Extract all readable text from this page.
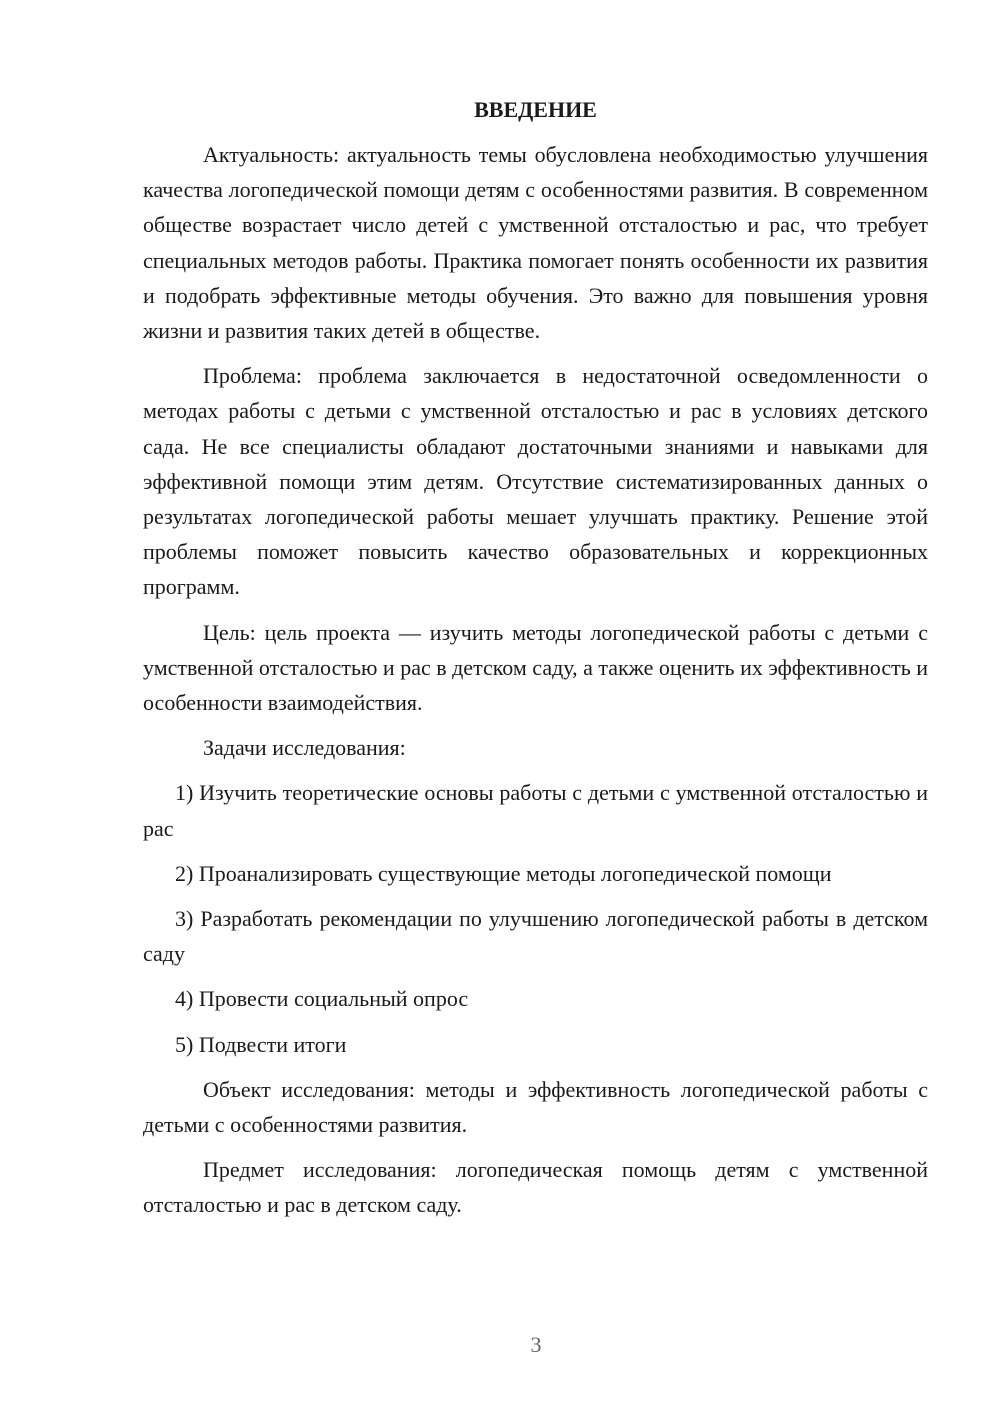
ВВЕДЕНИЕ

Актуальность: актуальность темы обусловлена необходимостью улучшения качества логопедической помощи детям с особенностями развития. В современном обществе возрастает число детей с умственной отсталостью и рас, что требует специальных методов работы. Практика помогает понять особенности их развития и подобрать эффективные методы обучения. Это важно для повышения уровня жизни и развития таких детей в обществе.

Проблема: проблема заключается в недостаточной осведомленности о методах работы с детьми с умственной отсталостью и рас в условиях детского сада. Не все специалисты обладают достаточными знаниями и навыками для эффективной помощи этим детям. Отсутствие систематизированных данных о результатах логопедической работы мешает улучшать практику. Решение этой проблемы поможет повысить качество образовательных и коррекционных программ.

Цель: цель проекта — изучить методы логопедической работы с детьми с умственной отсталостью и рас в детском саду, а также оценить их эффективность и особенности взаимодействия.

Задачи исследования:

1) Изучить теоретические основы работы с детьми с умственной отсталостью и рас

2) Проанализировать существующие методы логопедической помощи

3) Разработать рекомендации по улучшению логопедической работы в детском саду

4) Провести социальный опрос

5) Подвести итоги

Объект исследования: методы и эффективность логопедической работы с детьми с особенностями развития.

Предмет исследования: логопедическая помощь детям с умственной отсталостью и рас в детском саду.

3
